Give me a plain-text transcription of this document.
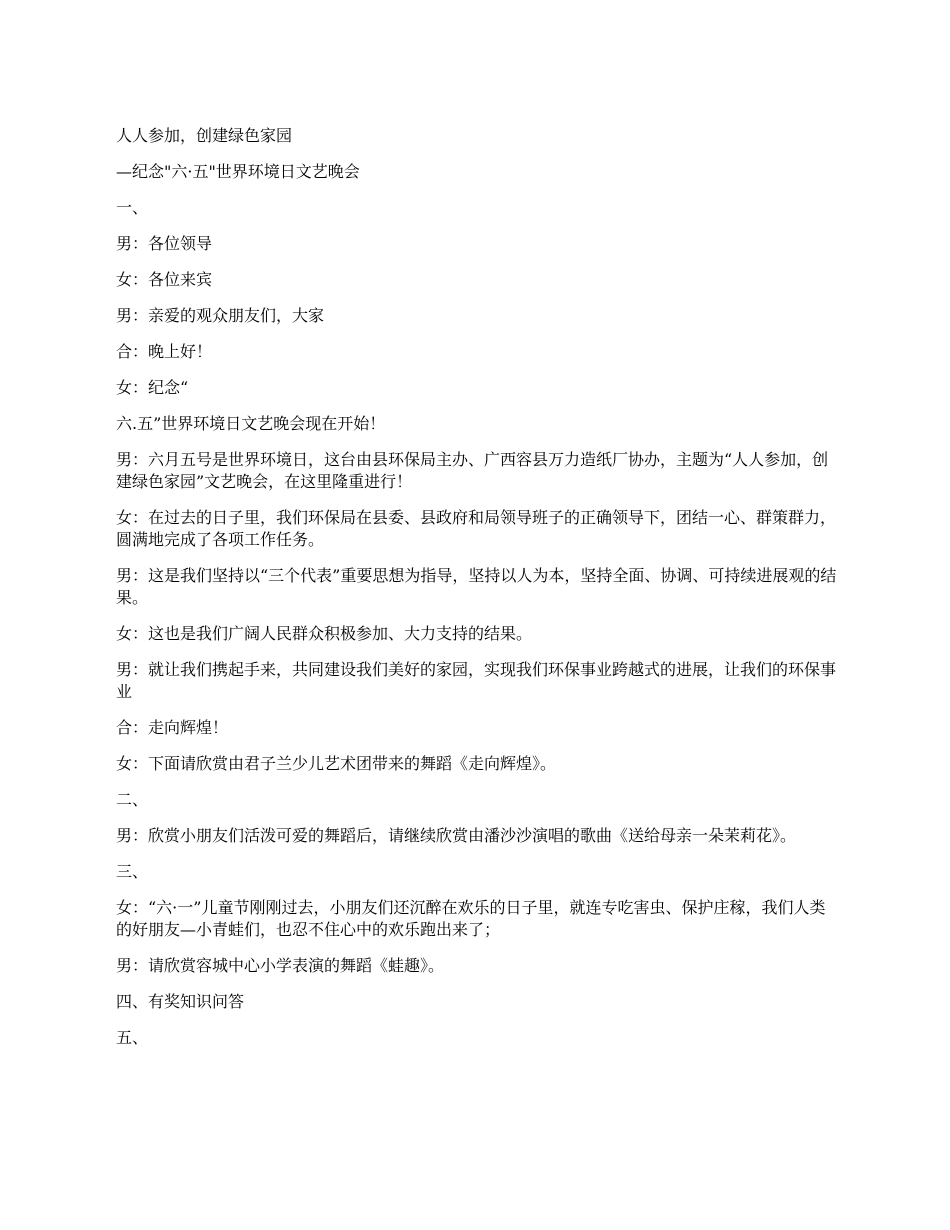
人人参加，创建绿色家园

—纪念"六·五"世界环境日文艺晚会

一、

男：各位领导

女：各位来宾

男：亲爱的观众朋友们，大家

合：晚上好！

女：纪念“

六.五”世界环境日文艺晚会现在开始！

男：六月五号是世界环境日，这台由县环保局主办、广西容县万力造纸厂协办，主题为“人人参加，创建绿色家园”文艺晚会，在这里隆重进行！

女：在过去的日子里，我们环保局在县委、县政府和局领导班子的正确领导下，团结一心、群策群力，圆满地完成了各项工作任务。

男：这是我们坚持以“三个代表”重要思想为指导，坚持以人为本，坚持全面、协调、可持续进展观的结果。

女：这也是我们广阔人民群众积极参加、大力支持的结果。

男：就让我们携起手来，共同建设我们美好的家园，实现我们环保事业跨越式的进展，让我们的环保事业

合：走向辉煌！

女：下面请欣赏由君子兰少儿艺术团带来的舞蹈《走向辉煌》。

二、

男：欣赏小朋友们活泼可爱的舞蹈后，请继续欣赏由潘沙沙演唱的歌曲《送给母亲一朵茉莉花》。

三、

女：“六·一”儿童节刚刚过去，小朋友们还沉醉在欢乐的日子里，就连专吃害虫、保护庄稼，我们人类的好朋友—小青蛙们，也忍不住心中的欢乐跑出来了；

男：请欣赏容城中心小学表演的舞蹈《蛙趣》。

四、有奖知识问答

五、
